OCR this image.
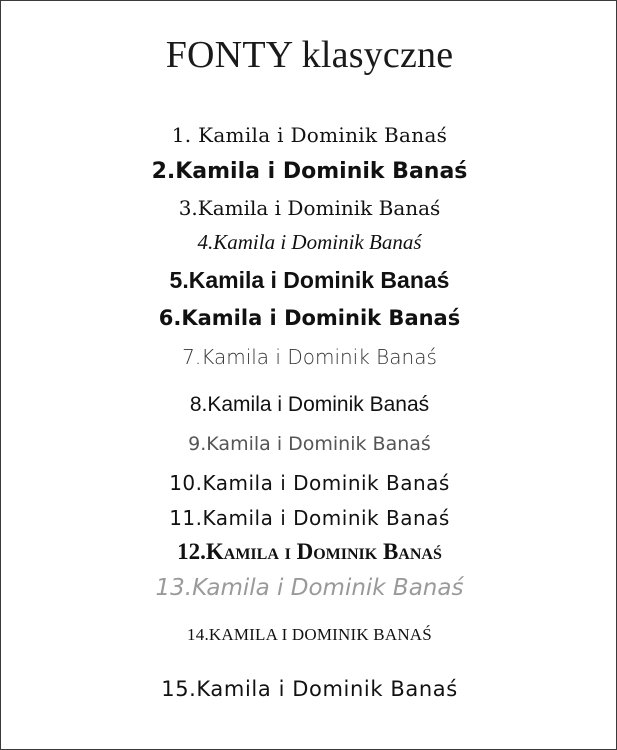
FONTY klasyczne
1. Kamila i Dominik Banaś
2.Kamila i Dominik Banaś
3.Kamila i Dominik Banaś
4.Kamila i Dominik Banaś
5.Kamila i Dominik Banaś
6.Kamila i Dominik Banaś
7.Kamila i Dominik Banaś
8.Kamila i Dominik Banaś
9.Kamila i Dominik Banaś
10.Kamila i Dominik Banaś
11.Kamila i Dominik Banaś
12.Kamila i Dominik Banaś
13.Kamila i Dominik Banaś
14.KAMILA I DOMINIK BANAŚ
15.Kamila i Dominik Banaś
